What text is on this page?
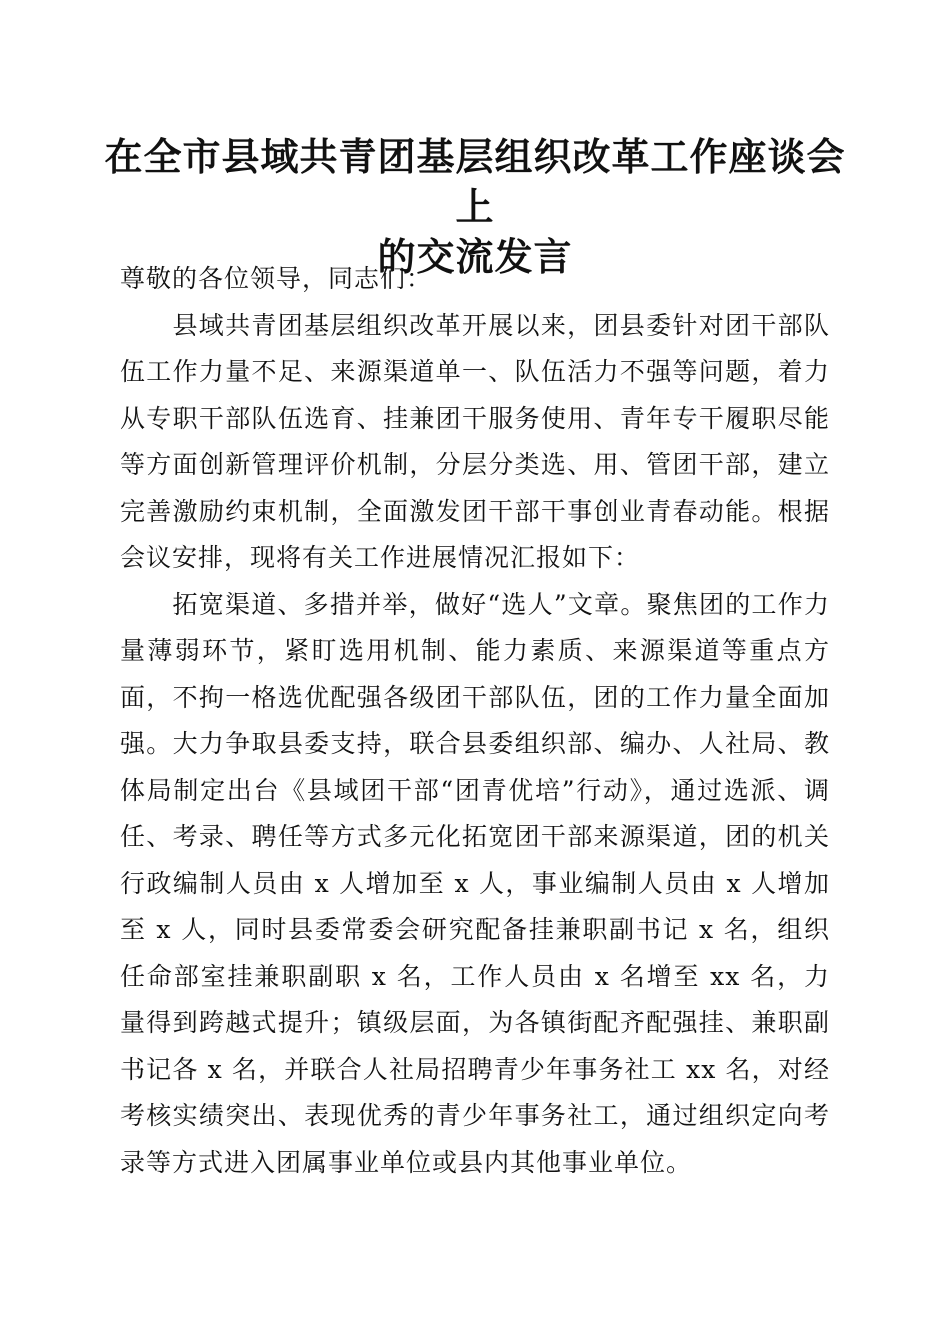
在全市县域共青团基层组织改革工作座谈会上
的交流发言

尊敬的各位领导，同志们：

县域共青团基层组织改革开展以来，团县委针对团干部队伍工作力量不足、来源渠道单一、队伍活力不强等问题，着力从专职干部队伍选育、挂兼团干服务使用、青年专干履职尽能等方面创新管理评价机制，分层分类选、用、管团干部，建立完善激励约束机制，全面激发团干部干事创业青春动能。根据会议安排，现将有关工作进展情况汇报如下：

拓宽渠道、多措并举，做好“选人”文章。聚焦团的工作力量薄弱环节，紧盯选用机制、能力素质、来源渠道等重点方面，不拘一格选优配强各级团干部队伍，团的工作力量全面加强。大力争取县委支持，联合县委组织部、编办、人社局、教体局制定出台《县域团干部“团青优培”行动》，通过选派、调任、考录、聘任等方式多元化拓宽团干部来源渠道，团的机关行政编制人员由 x 人增加至 x 人，事业编制人员由 x 人增加至 x 人，同时县委常委会研究配备挂兼职副书记 x 名，组织任命部室挂兼职副职 x 名，工作人员由 x 名增至 xx 名，力量得到跨越式提升；镇级层面，为各镇街配齐配强挂、兼职副书记各 x 名，并联合人社局招聘青少年事务社工 xx 名，对经考核实绩突出、表现优秀的青少年事务社工，通过组织定向考录等方式进入团属事业单位或县内其他事业单位。
